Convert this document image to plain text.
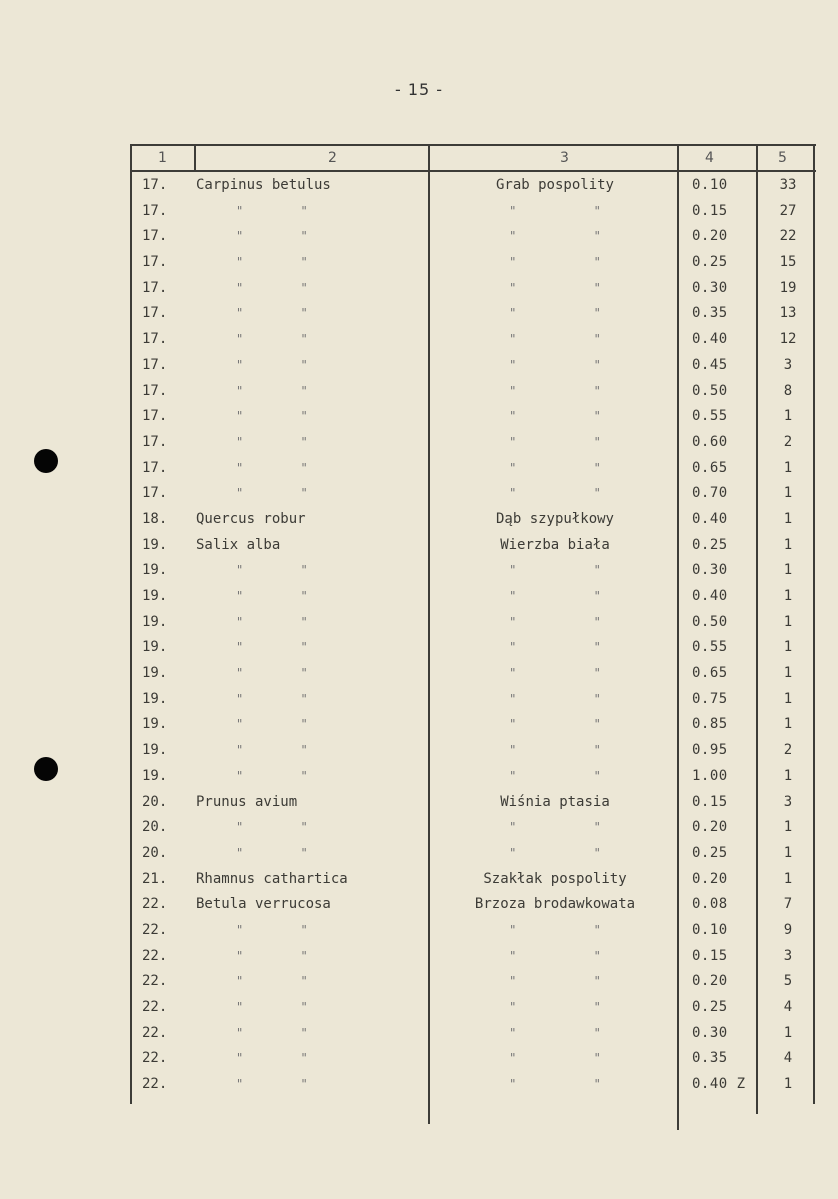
- 15 -
1	2	3	4	5
17. Carpinus betulus	Grab pospolity	0.10	33
17.	" "	" "	0.15	27
17.	" "	" "	0.20	22
17.	" "	" "	0.25	15
17.	" "	" "	0.30	19
17.	" "	" "	0.35	13
17.	" "	" "	0.40	12
17.	" "	" "	0.45	3
17.	" "	" "	0.50	8
17.	" "	" "	0.55	1
17.	" "	" "	0.60	2
17.	" "	" "	0.65	1
17.	" "	" "	0.70	1
18. Quercus robur	Dąb szypułkowy	0.40	1
19. Salix alba	Wierzba biała	0.25	1
19.	" "	" "	0.30	1
19.	" "	" "	0.40	1
19.	" "	" "	0.50	1
19.	" "	" "	0.55	1
19.	" "	" "	0.65	1
19.	" "	" "	0.75	1
19.	" "	" "	0.85	1
19.	" "	" "	0.95	2
19.	" "	" "	1.00	1
20. Prunus avium	Wiśnia ptasia	0.15	3
20.	" "	" "	0.20	1
20.	" "	" "	0.25	1
21. Rhamnus cathartica	Szakłak pospolity	0.20	1
22. Betula verrucosa	Brzoza brodawkowata	0.08	7
22.	" "	" "	0.10	9
22.	" "	" "	0.15	3
22.	" "	" "	0.20	5
22.	" "	" "	0.25	4
22.	" "	" "	0.30	1
22.	" "	" "	0.35	4
22.	" "	" "	0.40 Z	1
